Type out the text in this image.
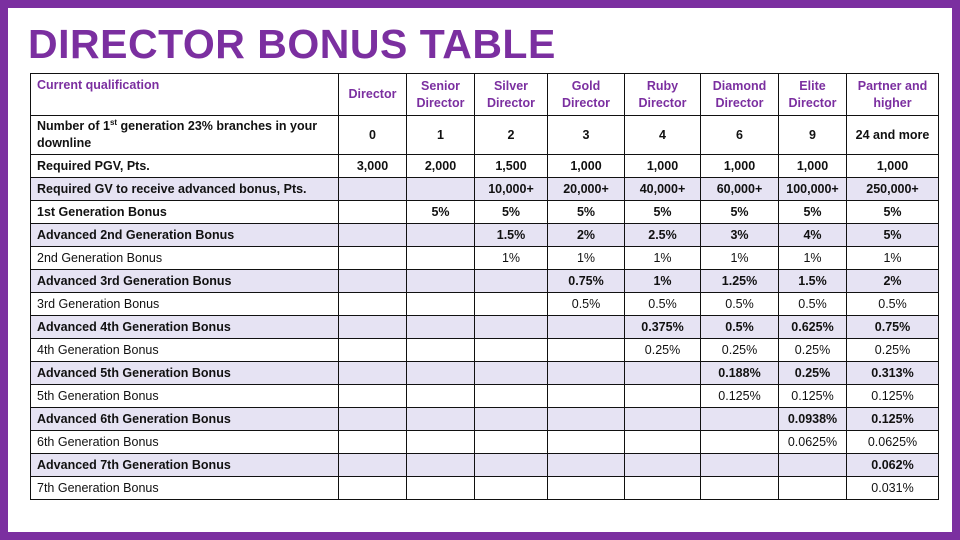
DIRECTOR BONUS TABLE
Current qualification	Director	Senior Director	Silver Director	Gold Director	Ruby Director	Diamond Director	Elite Director	Partner and higher
Number of 1st generation 23% branches in your downline	0	1	2	3	4	6	9	24 and more
Required PGV, Pts.	3,000	2,000	1,500	1,000	1,000	1,000	1,000	1,000
Required GV to receive advanced bonus, Pts.			10,000+	20,000+	40,000+	60,000+	100,000+	250,000+
1st Generation Bonus		5%	5%	5%	5%	5%	5%	5%
Advanced 2nd Generation Bonus			1.5%	2%	2.5%	3%	4%	5%
2nd Generation Bonus			1%	1%	1%	1%	1%	1%
Advanced 3rd Generation Bonus				0.75%	1%	1.25%	1.5%	2%
3rd Generation Bonus				0.5%	0.5%	0.5%	0.5%	0.5%
Advanced 4th Generation Bonus					0.375%	0.5%	0.625%	0.75%
4th Generation Bonus					0.25%	0.25%	0.25%	0.25%
Advanced 5th Generation Bonus						0.188%	0.25%	0.313%
5th Generation Bonus						0.125%	0.125%	0.125%
Advanced 6th Generation Bonus							0.0938%	0.125%
6th Generation Bonus							0.0625%	0.0625%
Advanced 7th Generation Bonus								0.062%
7th Generation Bonus								0.031%
